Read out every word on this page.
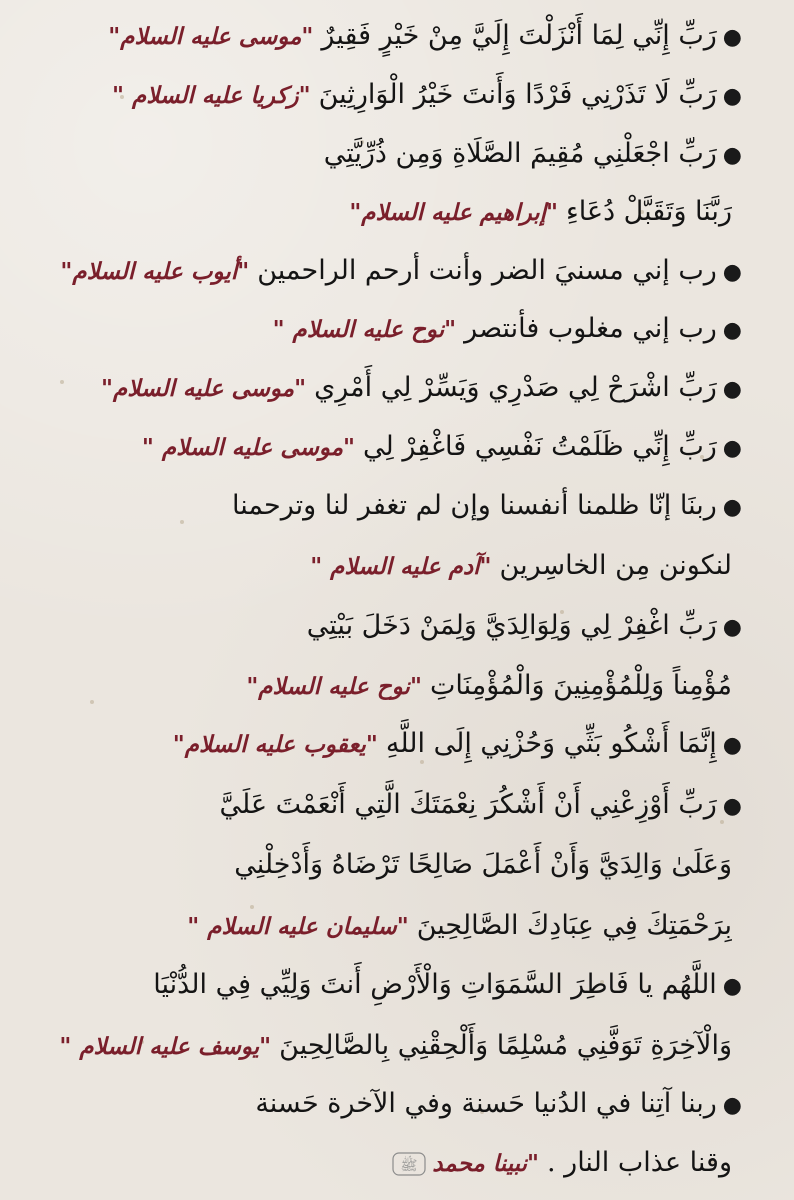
●رَبِّ إِنِّي لِمَا أَنْزَلْتَ إِلَيَّ مِنْ خَيْرٍ فَقِيرٌ"موسى عليه السلام"
●رَبِّ لَا تَذَرْنِي فَرْدًا وَأَنتَ خَيْرُ الْوَارِثِينَ"زكريا عليه السلام "
●رَبِّ اجْعَلْنِي مُقِيمَ الصَّلَاةِ وَمِن ذُرِّيَّتِي
رَبَّنَا وَتَقَبَّلْ دُعَاءِ"إبراهيم عليه السلام"
●رب إني مسنيَ الضر وأنت أرحم الراحمين"أيوب عليه السلام"
●رب إني مغلوب فأنتصر"نوح عليه السلام "
●رَبِّ اشْرَحْ لِي صَدْرِي وَيَسِّرْ لِي أَمْرِي"موسى عليه السلام"
●رَبِّ إِنِّي ظَلَمْتُ نَفْسِي فَاغْفِرْ لِي"موسى عليه السلام "
●ربنَا إنّا ظلمنا أنفسنا وإن لم تغفر لنا وترحمنا
لنكونن مِن الخاسِرين"آدم عليه السلام "
●رَبِّ اغْفِرْ لِي وَلِوَالِدَيَّ وَلِمَنْ دَخَلَ بَيْتِي
مُؤْمِناً وَلِلْمُؤْمِنِينَ وَالْمُؤْمِنَاتِ"نوح عليه السلام"
●إِنَّمَا أَشْكُو بَثِّي وَحُزْنِي إِلَى اللَّهِ"يعقوب عليه السلام"
●رَبِّ أَوْزِعْنِي أَنْ أَشْكُرَ نِعْمَتَكَ الَّتِي أَنْعَمْتَ عَلَيَّ
وَعَلَىٰ وَالِدَيَّ وَأَنْ أَعْمَلَ صَالِحًا تَرْضَاهُ وَأَدْخِلْنِي
بِرَحْمَتِكَ فِي عِبَادِكَ الصَّالِحِينَ"سليمان عليه السلام "
●اللَّهُم يا فَاطِرَ السَّمَوَاتِ وَالْأَرْضِ أَنتَ وَلِيِّي فِي الدُّنْيَا
وَالْآخِرَةِ تَوَفَّنِي مُسْلِمًا وَأَلْحِقْنِي بِالصَّالِحِينَ"يوسف عليه السلام "
●ربنا آتِنا في الدُنيا حَسنة وفي الآخرة حَسنة
وقنا عذاب النار ."نبينا محمد
ﷺ
